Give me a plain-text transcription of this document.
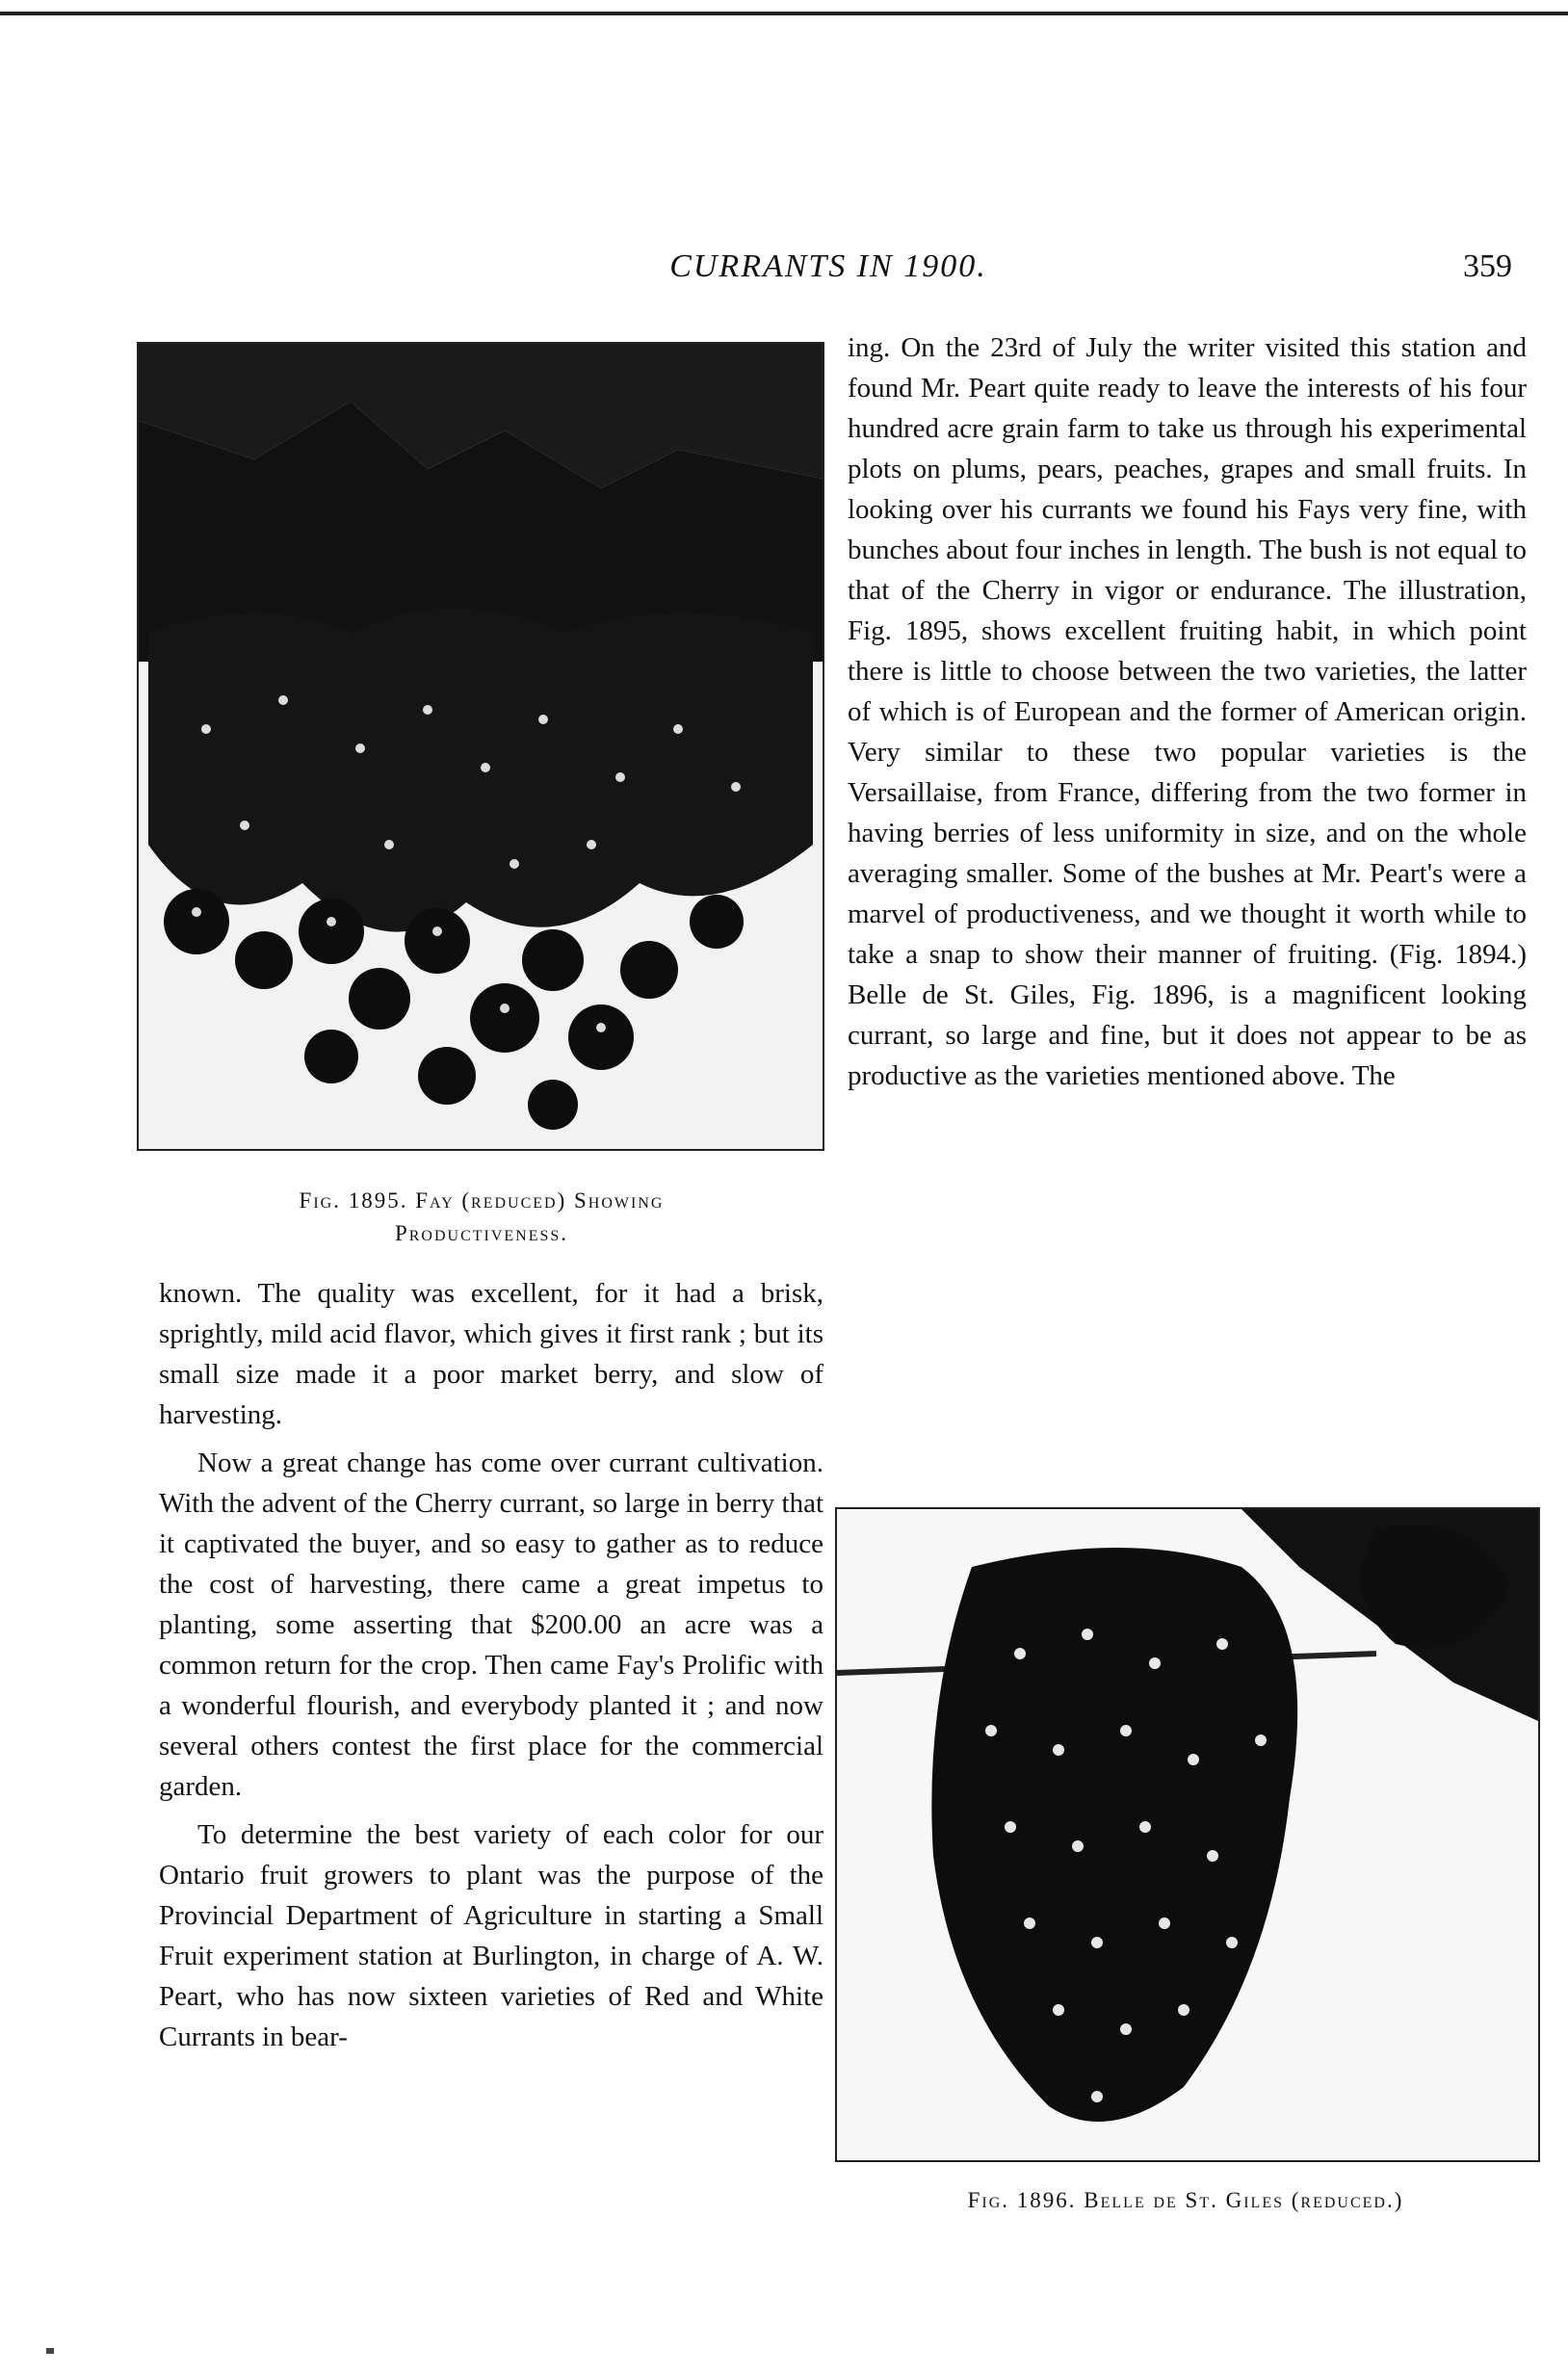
CURRANTS IN 1900.	359
Fig. 1895. Fay (reduced) Showing
Productiveness.

known. The quality was excellent, for it had a brisk, sprightly, mild acid flavor, which gives it first rank ; but its small size made it a poor market berry, and slow of harvesting.

Now a great change has come over currant cultivation. With the advent of the Cherry currant, so large in berry that it captivated the buyer, and so easy to gather as to reduce the cost of harvesting, there came a great impetus to planting, some asserting that $200.00 an acre was a common return for the crop. Then came Fay's Prolific with a wonderful flourish, and everybody planted it ; and now several others contest the first place for the commercial garden.

To determine the best variety of each color for our Ontario fruit growers to plant was the purpose of the Provincial Department of Agriculture in starting a Small Fruit experiment station at Burlington, in charge of A. W. Peart, who has now sixteen varieties of Red and White Currants in bear-

ing. On the 23rd of July the writer visited this station and found Mr. Peart quite ready to leave the interests of his four hundred acre grain farm to take us through his experimental plots on plums, pears, peaches, grapes and small fruits. In looking over his currants we found his Fays very fine, with bunches about four inches in length. The bush is not equal to that of the Cherry in vigor or endurance. The illustration, Fig. 1895, shows excellent fruiting habit, in which point there is little to choose between the two varieties, the latter of which is of European and the former of American origin. Very similar to these two popular varieties is the Versaillaise, from France, differing from the two former in having berries of less uniformity in size, and on the whole averaging smaller. Some of the bushes at Mr. Peart's were a marvel of productiveness, and we thought it worth while to take a snap to show their manner of fruiting. (Fig. 1894.) Belle de St. Giles, Fig. 1896, is a magnificent looking currant, so large and fine, but it does not appear to be as productive as the varieties mentioned above. The

Fig. 1896. Belle de St. Giles (reduced.)
